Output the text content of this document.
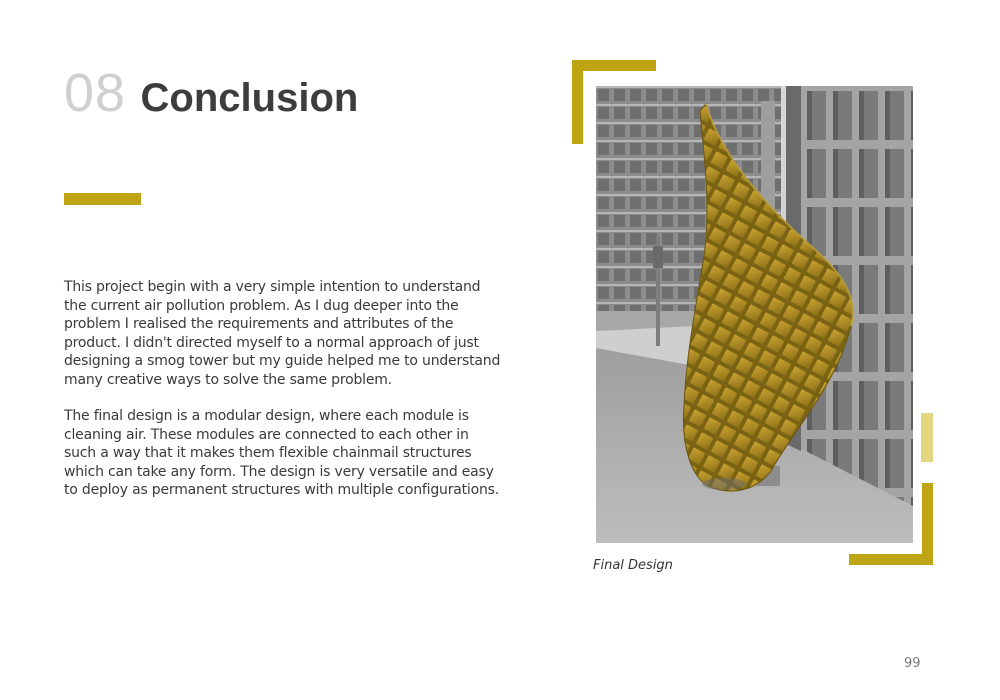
08 Conclusion

This project begin with a very simple intention to understand the current air pollution problem. As I dug deeper into the problem I realised the requirements and attributes of the product. I didn't directed myself to a normal approach of just designing a smog tower but my guide helped me to understand many creative ways to solve the same problem.

The final design is a modular design, where each module is cleaning air. These modules are connected to each other in such a way that it makes them flexible chainmail structures which can take any form. The design is very versatile and easy to deploy as permanent structures with multiple configurations.

Final Design
99
